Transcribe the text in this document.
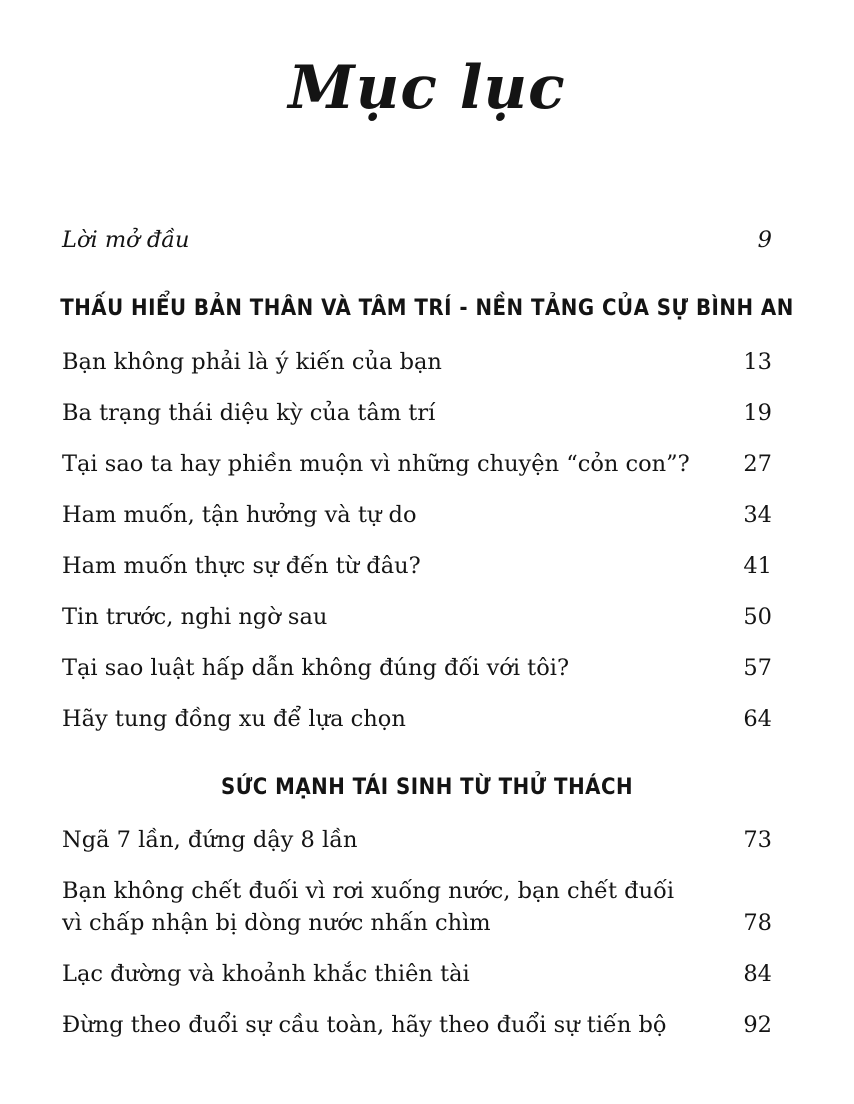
Mục lục
Lời mở đầu	9
THẤU HIỂU BẢN THÂN VÀ TÂM TRÍ - NỀN TẢNG CỦA SỰ BÌNH AN
Bạn không phải là ý kiến của bạn	13
Ba trạng thái diệu kỳ của tâm trí	19
Tại sao ta hay phiền muộn vì những chuyện “cỏn con”? 27
Ham muốn, tận hưởng và tự do	34
Ham muốn thực sự đến từ đâu?	41
Tin trước, nghi ngờ sau	50
Tại sao luật hấp dẫn không đúng đối với tôi?	57
Hãy tung đồng xu để lựa chọn	64
SỨC MẠNH TÁI SINH TỪ THỬ THÁCH
Ngã 7 lần, đứng dậy 8 lần	73
Bạn không chết đuối vì rơi xuống nước, bạn chết đuối
vì chấp nhận bị dòng nước nhấn chìm	78
Lạc đường và khoảnh khắc thiên tài	84
Đừng theo đuổi sự cầu toàn, hãy theo đuổi sự tiến bộ	92
